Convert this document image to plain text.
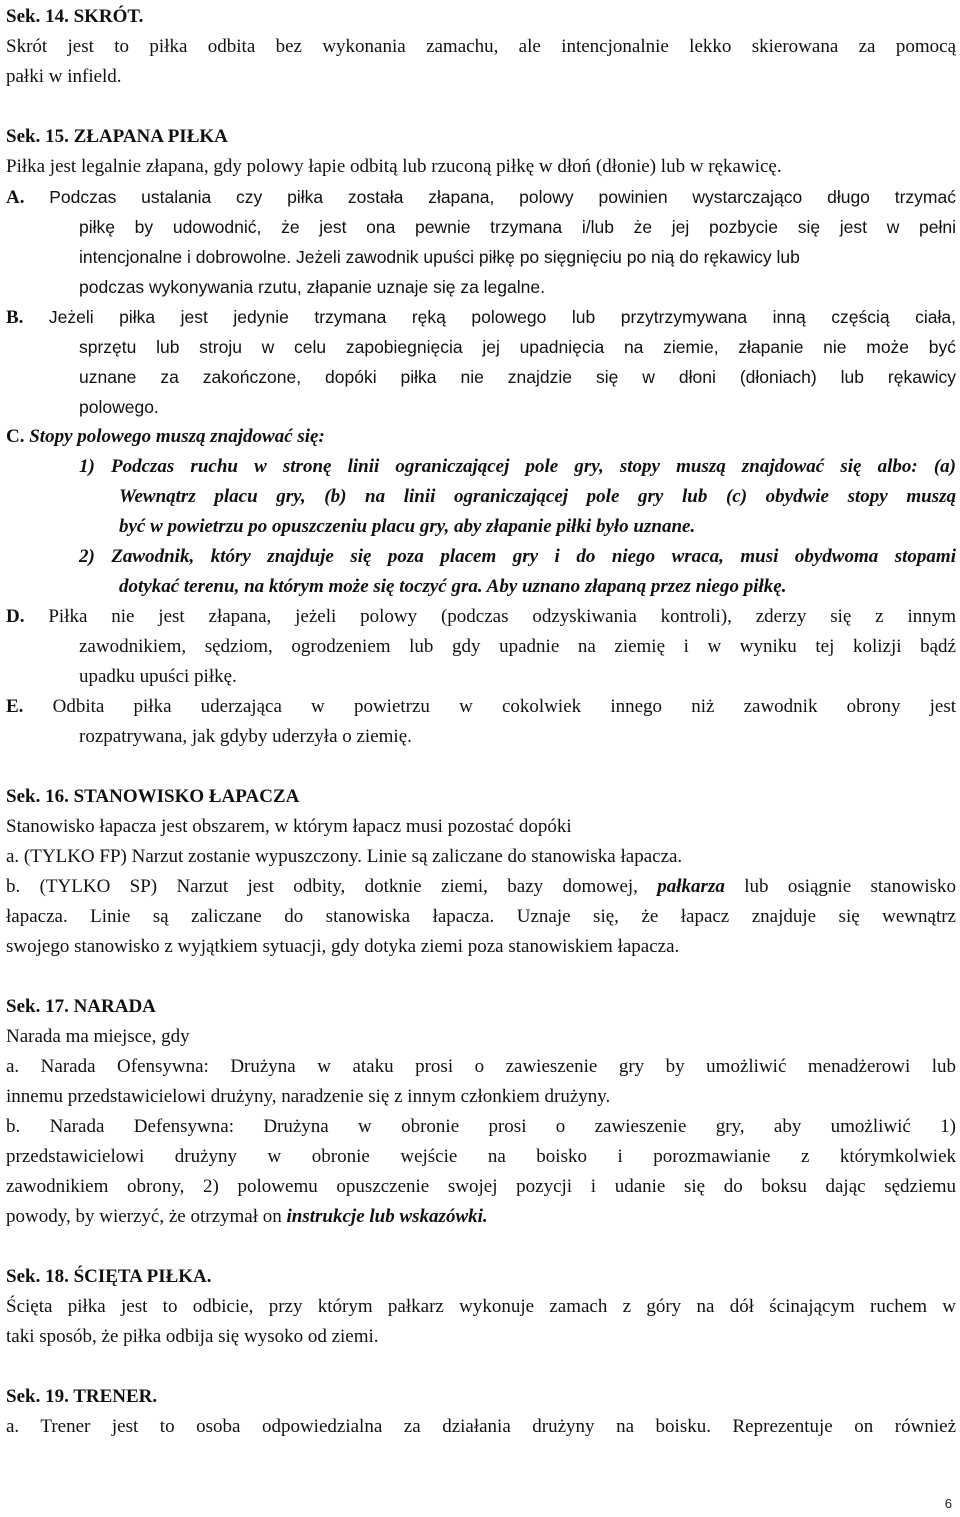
Sek. 14. SKRÓT.
Skrót jest to piłka odbita bez wykonania zamachu, ale intencjonalnie lekko skierowana za pomocą
pałki w infield.
Sek. 15. ZŁAPANA PIŁKA
Piłka jest legalnie złapana, gdy polowy łapie odbitą lub rzuconą piłkę w dłoń (dłonie) lub w rękawicę.
A. Podczas ustalania czy piłka została złapana, polowy powinien wystarczająco długo trzymać
piłkę by udowodnić, że jest ona pewnie trzymana i/lub że jej pozbycie się jest w pełni
intencjonalne i dobrowolne. Jeżeli zawodnik upuści piłkę po sięgnięciu po nią do rękawicy lub
podczas wykonywania rzutu, złapanie uznaje się za legalne.
B. Jeżeli piłka jest jedynie trzymana ręką polowego lub przytrzymywana inną częścią ciała,
sprzętu lub stroju w celu zapobiegnięcia jej upadnięcia na ziemie, złapanie nie może być
uznane za zakończone, dopóki piłka nie znajdzie się w dłoni (dłoniach) lub rękawicy
polowego.
C. Stopy polowego muszą znajdować się:
1) Podczas ruchu w stronę linii ograniczającej pole gry, stopy muszą znajdować się albo: (a)
Wewnątrz placu gry, (b) na linii ograniczającej pole gry lub (c) obydwie stopy muszą
być w powietrzu po opuszczeniu placu gry, aby złapanie piłki było uznane.
2) Zawodnik, który znajduje się poza placem gry i do niego wraca, musi obydwoma stopami
dotykać terenu, na którym może się toczyć gra. Aby uznano złapaną przez niego piłkę.
D. Piłka nie jest złapana, jeżeli polowy (podczas odzyskiwania kontroli), zderzy się z innym
zawodnikiem, sędziom, ogrodzeniem lub gdy upadnie na ziemię i w wyniku tej kolizji bądź
upadku upuści piłkę.
E. Odbita piłka uderzająca w powietrzu w cokolwiek innego niż zawodnik obrony jest
rozpatrywana, jak gdyby uderzyła o ziemię.
Sek. 16. STANOWISKO ŁAPACZA
Stanowisko łapacza jest obszarem, w którym łapacz musi pozostać dopóki
a. (TYLKO FP) Narzut zostanie wypuszczony. Linie są zaliczane do stanowiska łapacza.
b. (TYLKO SP) Narzut jest odbity, dotknie ziemi, bazy domowej, pałkarza lub osiągnie stanowisko
łapacza. Linie są zaliczane do stanowiska łapacza. Uznaje się, że łapacz znajduje się wewnątrz
swojego stanowisko z wyjątkiem sytuacji, gdy dotyka ziemi poza stanowiskiem łapacza.
Sek. 17. NARADA
Narada ma miejsce, gdy
a. Narada Ofensywna: Drużyna w ataku prosi o zawieszenie gry by umożliwić menadżerowi lub
innemu przedstawicielowi drużyny, naradzenie się z innym członkiem drużyny.
b. Narada Defensywna: Drużyna w obronie prosi o zawieszenie gry, aby umożliwić 1)
przedstawicielowi drużyny w obronie wejście na boisko i porozmawianie z którymkolwiek
zawodnikiem obrony, 2) polowemu opuszczenie swojej pozycji i udanie się do boksu dając sędziemu
powody, by wierzyć, że otrzymał on instrukcje lub wskazówki.
Sek. 18. ŚCIĘTA PIŁKA.
Ścięta piłka jest to odbicie, przy którym pałkarz wykonuje zamach z góry na dół ścinającym ruchem w
taki sposób, że piłka odbija się wysoko od ziemi.
Sek. 19. TRENER.
a. Trener jest to osoba odpowiedzialna za działania drużyny na boisku. Reprezentuje on również
6
